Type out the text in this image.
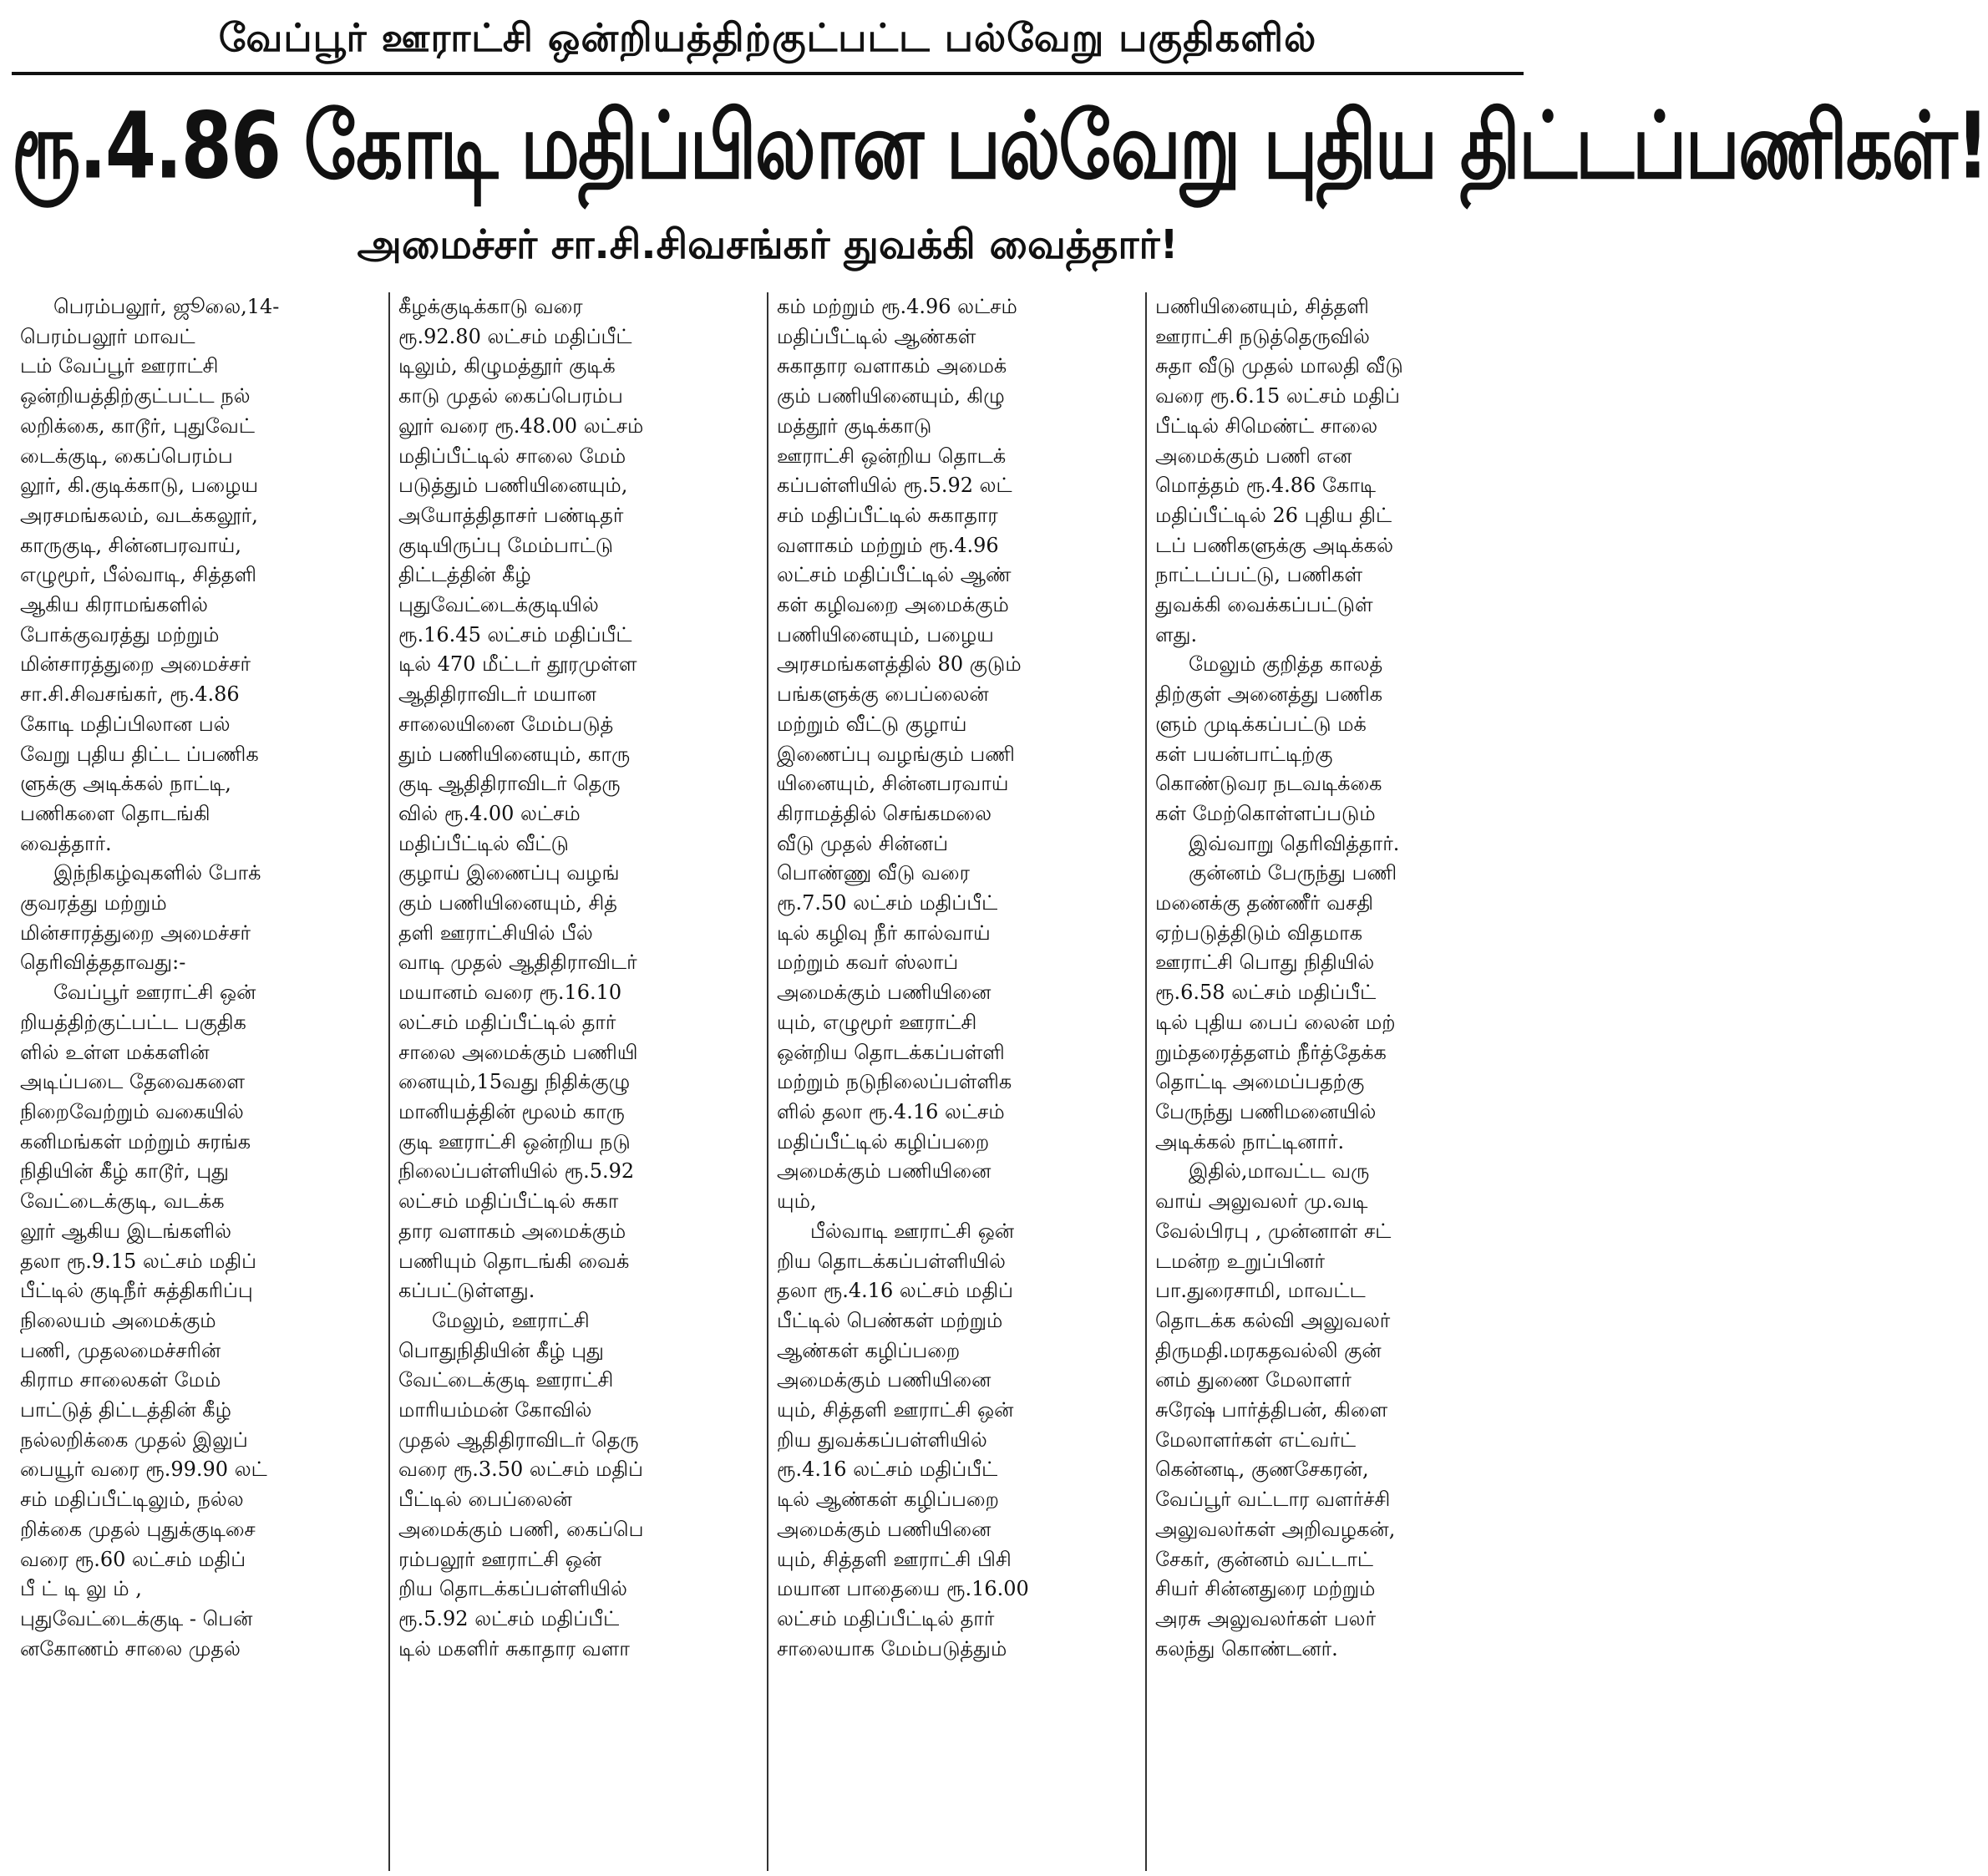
வேப்பூர் ஊராட்சி ஒன்றியத்திற்குட்பட்ட பல்வேறு பகுதிகளில்
ரூ.4.86 கோடி மதிப்பிலான பல்வேறு புதிய திட்டப்பணிகள்!
அமைச்சர் சா.சி.சிவசங்கர் துவக்கி வைத்தார்!

பெரம்பலூர், ஜூலை,14-
பெரம்பலூர் மாவட்
டம் வேப்பூர் ஊராட்சி
ஒன்றியத்திற்குட்பட்ட நல்
லறிக்கை, காடூர், புதுவேட்
டைக்குடி, கைப்பெரம்ப
லூர், கி.குடிக்காடு, பழைய
அரசமங்கலம், வடக்கலூர்,
காருகுடி, சின்னபரவாய்,
எழுமூர், பீல்வாடி, சித்தளி
ஆகிய கிராமங்களில்
போக்குவரத்து மற்றும்
மின்சாரத்துறை அமைச்சர்
சா.சி.சிவசங்கர், ரூ.4.86
கோடி மதிப்பிலான பல்
வேறு புதிய திட்ட ப்பணிக
ளுக்கு அடிக்கல் நாட்டி,
பணிகளை தொடங்கி
வைத்தார்.

இந்நிகழ்வுகளில் போக்
குவரத்து மற்றும்
மின்சாரத்துறை அமைச்சர்
தெரிவித்ததாவது:-

வேப்பூர் ஊராட்சி ஒன்
றியத்திற்குட்பட்ட பகுதிக
ளில் உள்ள மக்களின்
அடிப்படை தேவைகளை
நிறைவேற்றும் வகையில்
கனிமங்கள் மற்றும் சுரங்க
நிதியின் கீழ் காடூர், புது
வேட்டைக்குடி, வடக்க
லூர் ஆகிய இடங்களில்
தலா ரூ.9.15 லட்சம் மதிப்
பீட்டில் குடிநீர் சுத்திகரிப்பு
நிலையம் அமைக்கும்
பணி, முதலமைச்சரின்
கிராம சாலைகள் மேம்
பாட்டுத் திட்டத்தின் கீழ்
நல்லறிக்கை முதல் இலுப்
பையூர் வரை ரூ.99.90 லட்
சம் மதிப்பீட்டிலும், நல்ல
றிக்கை முதல் புதுக்குடிசை
வரை ரூ.60 லட்சம் மதிப்
பீ ட் டி லு ம் ,
புதுவேட்டைக்குடி - பென்
னகோணம் சாலை முதல்

கீழக்குடிக்காடு வரை
ரூ.92.80 லட்சம் மதிப்பீட்
டிலும், கிழுமத்தூர் குடிக்
காடு முதல் கைப்பெரம்ப
லூர் வரை ரூ.48.00 லட்சம்
மதிப்பீட்டில் சாலை மேம்
படுத்தும் பணியினையும்,
அயோத்திதாசர் பண்டிதர்
குடியிருப்பு மேம்பாட்டு
திட்டத்தின் கீழ்
புதுவேட்டைக்குடியில்
ரூ.16.45 லட்சம் மதிப்பீட்
டில் 470 மீட்டர் தூரமுள்ள
ஆதிதிராவிடர் மயான
சாலையினை மேம்படுத்
தும் பணியினையும், காரு
குடி ஆதிதிராவிடர் தெரு
வில் ரூ.4.00 லட்சம்
மதிப்பீட்டில் வீட்டு
குழாய் இணைப்பு வழங்
கும் பணியினையும், சித்
தளி ஊராட்சியில் பீல்
வாடி முதல் ஆதிதிராவிடர்
மயானம் வரை ரூ.16.10
லட்சம் மதிப்பீட்டில் தார்
சாலை அமைக்கும் பணியி
னையும்,15வது நிதிக்குழு
மானியத்தின் மூலம் காரு
குடி ஊராட்சி ஒன்றிய நடு
நிலைப்பள்ளியில் ரூ.5.92
லட்சம் மதிப்பீட்டில் சுகா
தார வளாகம் அமைக்கும்
பணியும் தொடங்கி வைக்
கப்பட்டுள்ளது.

மேலும், ஊராட்சி
பொதுநிதியின் கீழ் புது
வேட்டைக்குடி ஊராட்சி
மாரியம்மன் கோவில்
முதல் ஆதிதிராவிடர் தெரு
வரை ரூ.3.50 லட்சம் மதிப்
பீட்டில் பைப்லைன்
அமைக்கும் பணி, கைப்பெ
ரம்பலூர் ஊராட்சி ஒன்
றிய தொடக்கப்பள்ளியில்
ரூ.5.92 லட்சம் மதிப்பீட்
டில் மகளிர் சுகாதார வளா

கம் மற்றும் ரூ.4.96 லட்சம்
மதிப்பீட்டில் ஆண்கள்
சுகாதார வளாகம் அமைக்
கும் பணியினையும், கிழு
மத்தூர் குடிக்காடு
ஊராட்சி ஒன்றிய தொடக்
கப்பள்ளியில் ரூ.5.92 லட்
சம் மதிப்பீட்டில் சுகாதார
வளாகம் மற்றும் ரூ.4.96
லட்சம் மதிப்பீட்டில் ஆண்
கள் கழிவறை அமைக்கும்
பணியினையும், பழைய
அரசமங்களத்தில் 80 குடும்
பங்களுக்கு பைப்லைன்
மற்றும் வீட்டு குழாய்
இணைப்பு வழங்கும் பணி
யினையும், சின்னபரவாய்
கிராமத்தில் செங்கமலை
வீடு முதல் சின்னப்
பொண்ணு வீடு வரை
ரூ.7.50 லட்சம் மதிப்பீட்
டில் கழிவு நீர் கால்வாய்
மற்றும் கவர் ஸ்லாப்
அமைக்கும் பணியினை
யும், எழுமூர் ஊராட்சி
ஒன்றிய தொடக்கப்பள்ளி
மற்றும் நடுநிலைப்பள்ளிக
ளில் தலா ரூ.4.16 லட்சம்
மதிப்பீட்டில் கழிப்பறை
அமைக்கும் பணியினை
யும்,

பீல்வாடி ஊராட்சி ஒன்
றிய தொடக்கப்பள்ளியில்
தலா ரூ.4.16 லட்சம் மதிப்
பீட்டில் பெண்கள் மற்றும்
ஆண்கள் கழிப்பறை
அமைக்கும் பணியினை
யும், சித்தளி ஊராட்சி ஒன்
றிய துவக்கப்பள்ளியில்
ரூ.4.16 லட்சம் மதிப்பீட்
டில் ஆண்கள் கழிப்பறை
அமைக்கும் பணியினை
யும், சித்தளி ஊராட்சி பிசி
மயான பாதையை ரூ.16.00
லட்சம் மதிப்பீட்டில் தார்
சாலையாக மேம்படுத்தும்

பணியினையும், சித்தளி
ஊராட்சி நடுத்தெருவில்
சுதா வீடு முதல் மாலதி வீடு
வரை ரூ.6.15 லட்சம் மதிப்
பீட்டில் சிமெண்ட் சாலை
அமைக்கும் பணி என
மொத்தம் ரூ.4.86 கோடி
மதிப்பீட்டில் 26 புதிய திட்
டப் பணிகளுக்கு அடிக்கல்
நாட்டப்பட்டு, பணிகள்
துவக்கி வைக்கப்பட்டுள்
ளது.

மேலும் குறித்த காலத்
திற்குள் அனைத்து பணிக
ளும் முடிக்கப்பட்டு மக்
கள் பயன்பாட்டிற்கு
கொண்டுவர நடவடிக்கை
கள் மேற்கொள்ளப்படும்

இவ்வாறு தெரிவித்தார்.

குன்னம் பேருந்து பணி
மனைக்கு தண்ணீர் வசதி
ஏற்படுத்திடும் விதமாக
ஊராட்சி பொது நிதியில்
ரூ.6.58 லட்சம் மதிப்பீட்
டில் புதிய பைப் லைன் மற்
றும்தரைத்தளம் நீர்த்தேக்க
தொட்டி அமைப்பதற்கு
பேருந்து பணிமனையில்
அடிக்கல் நாட்டினார்.

இதில்,மாவட்ட வரு
வாய் அலுவலர் மு.வடி
வேல்பிரபு , முன்னாள் சட்
டமன்ற உறுப்பினர்
பா.துரைசாமி, மாவட்ட
தொடக்க கல்வி அலுவலர்
திருமதி.மரகதவல்லி குன்
னம் துணை மேலாளர்
சுரேஷ் பார்த்திபன், கிளை
மேலாளர்கள் எட்வர்ட்
கென்னடி, குணசேகரன்,
வேப்பூர் வட்டார வளர்ச்சி
அலுவலர்கள் அறிவழகன்,
சேகர், குன்னம் வட்டாட்
சியர் சின்னதுரை மற்றும்
அரசு அலுவலர்கள் பலர்
கலந்து கொண்டனர்.
